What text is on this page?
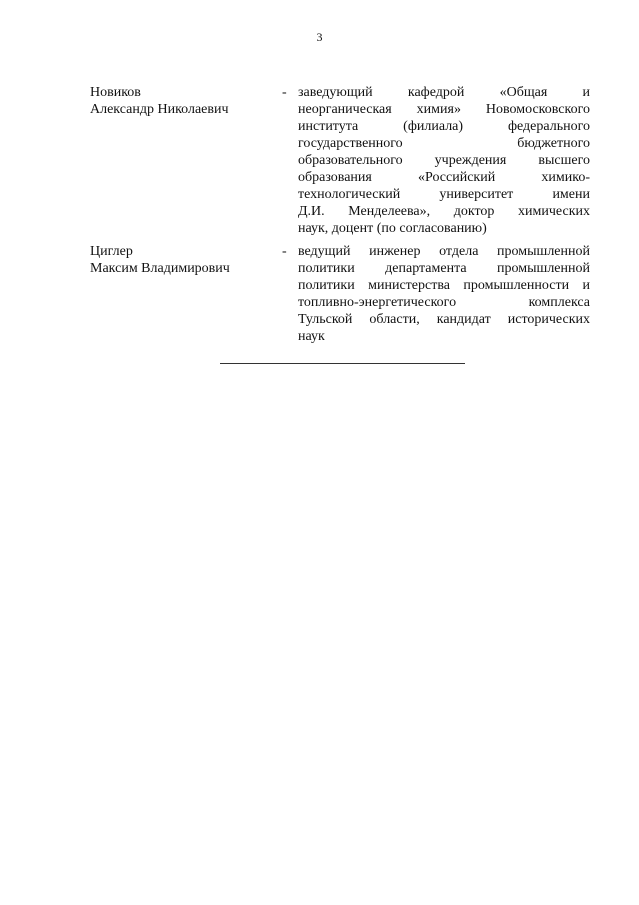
3
Новиков
Александр Николаевич
- заведующий кафедрой «Общая и
неорганическая химия» Новомосковского
института (филиала) федерального
государственного бюджетного
образовательного учреждения высшего
образования «Российский химико-
технологический университет имени
Д.И. Менделеева», доктор химических
наук, доцент (по согласованию)
Циглер
Максим Владимирович
- ведущий инженер отдела промышленной
политики департамента промышленной
политики министерства промышленности и
топливно-энергетического комплекса
Тульской области, кандидат исторических
наук
